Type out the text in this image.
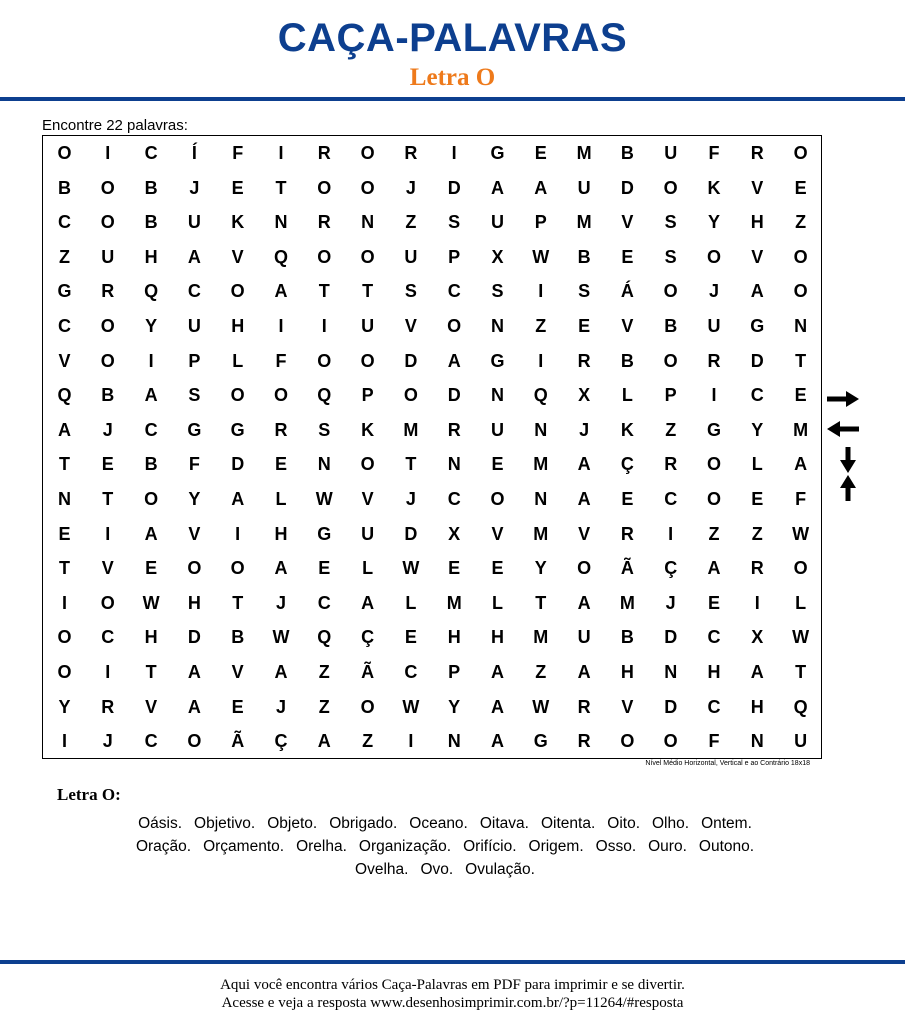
CAÇA-PALAVRAS
Letra O
Encontre 22 palavras:
O	I	C	Í	F	I	R	O	R	I	G	E	M	B	U	F	R	O
B	O	B	J	E	T	O	O	J	D	A	A	U	D	O	K	V	E
C	O	B	U	K	N	R	N	Z	S	U	P	M	V	S	Y	H	Z
Z	U	H	A	V	Q	O	O	U	P	X	W	B	E	S	O	V	O
G	R	Q	C	O	A	T	T	S	C	S	I	S	Á	O	J	A	O
C	O	Y	U	H	I	I	U	V	O	N	Z	E	V	B	U	G	N
V	O	I	P	L	F	O	O	D	A	G	I	R	B	O	R	D	T
Q	B	A	S	O	O	Q	P	O	D	N	Q	X	L	P	I	C	E
A	J	C	G	G	R	S	K	M	R	U	N	J	K	Z	G	Y	M
T	E	B	F	D	E	N	O	T	N	E	M	A	Ç	R	O	L	A
N	T	O	Y	A	L	W	V	J	C	O	N	A	E	C	O	E	F
E	I	A	V	I	H	G	U	D	X	V	M	V	R	I	Z	Z	W
T	V	E	O	O	A	E	L	W	E	E	Y	O	Ã	Ç	A	R	O
I	O	W	H	T	J	C	A	L	M	L	T	A	M	J	E	I	L
O	C	H	D	B	W	Q	Ç	E	H	H	M	U	B	D	C	X	W
O	I	T	A	V	A	Z	Ã	C	P	A	Z	A	H	N	H	A	T
Y	R	V	A	E	J	Z	O	W	Y	A	W	R	V	D	C	H	Q
I	J	C	O	Ã	Ç	A	Z	I	N	A	G	R	O	O	F	N	U
Nível Médio Horizontal, Vertical e ao Contrário 18x18
Letra O:
Oásis. Objetivo. Objeto. Obrigado. Oceano. Oitava. Oitenta. Oito. Olho. Ontem.
Oração. Orçamento. Orelha. Organização. Orifício. Origem. Osso. Ouro. Outono.
Ovelha. Ovo. Ovulação.
Aqui você encontra vários Caça-Palavras em PDF para imprimir e se divertir.
Acesse e veja a resposta www.desenhosimprimir.com.br/?p=11264/#resposta
